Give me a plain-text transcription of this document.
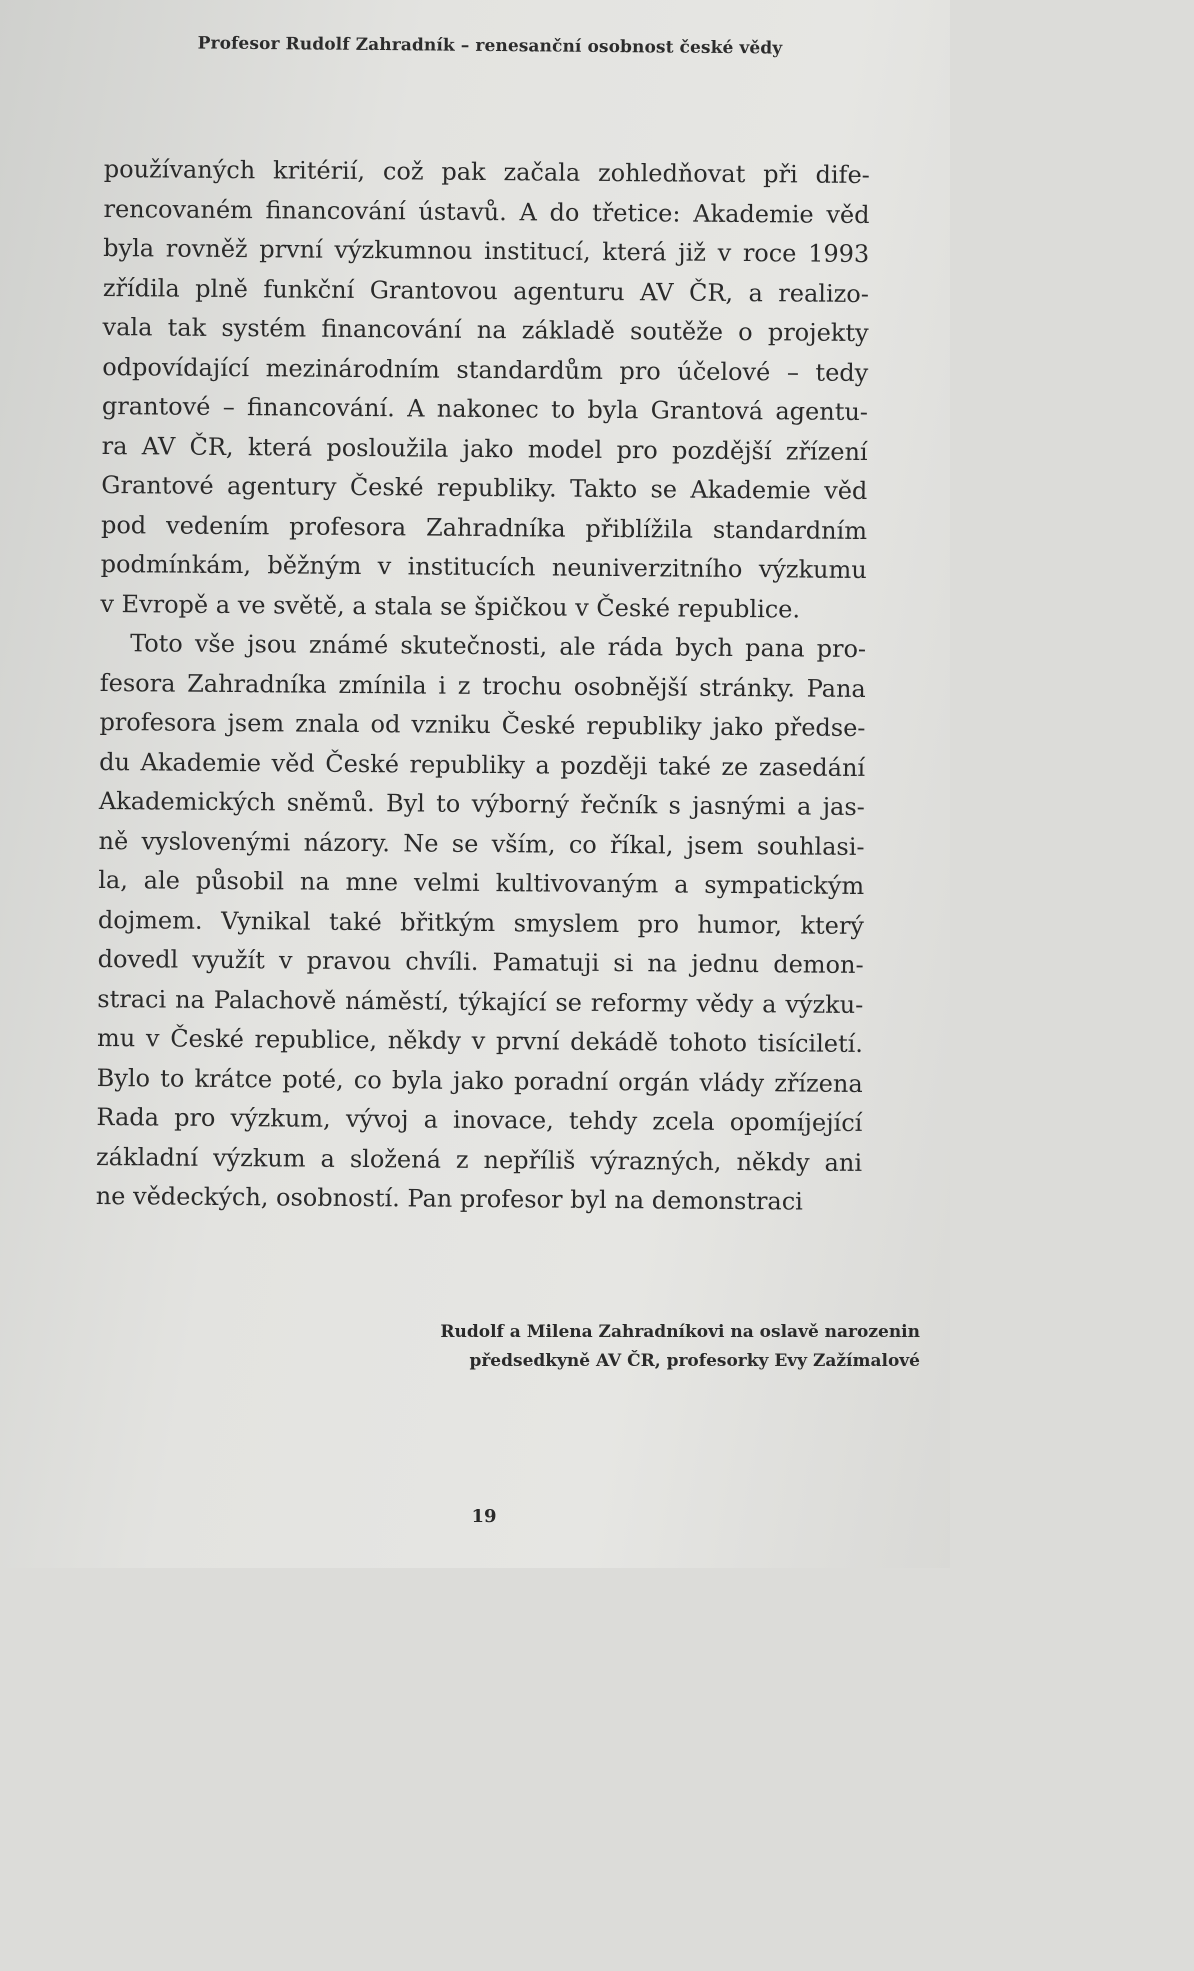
Profesor Rudolf Zahradník – renesanční osobnost české vědy
používaných kritérií, což pak začala zohledňovat při dife-
rencovaném financování ústavů. A do třetice: Akademie věd
byla rovněž první výzkumnou institucí, která již v roce 1993
zřídila plně funkční Grantovou agenturu AV ČR, a realizo-
vala tak systém financování na základě soutěže o projekty
odpovídající mezinárodním standardům pro účelové – tedy
grantové – financování. A nakonec to byla Grantová agentu-
ra AV ČR, která posloužila jako model pro pozdější zřízení
Grantové agentury České republiky. Takto se Akademie věd
pod vedením profesora Zahradníka přiblížila standardním
podmínkám, běžným v institucích neuniverzitního výzkumu
v Evropě a ve světě, a stala se špičkou v České republice.
Toto vše jsou známé skutečnosti, ale ráda bych pana pro-
fesora Zahradníka zmínila i z trochu osobnější stránky. Pana
profesora jsem znala od vzniku České republiky jako předse-
du Akademie věd České republiky a později také ze zasedání
Akademických sněmů. Byl to výborný řečník s jasnými a jas-
ně vyslovenými názory. Ne se vším, co říkal, jsem souhlasi-
la, ale působil na mne velmi kultivovaným a sympatickým
dojmem. Vynikal také břitkým smyslem pro humor, který
dovedl využít v pravou chvíli. Pamatuji si na jednu demon-
straci na Palachově náměstí, týkající se reformy vědy a výzku-
mu v České republice, někdy v první dekádě tohoto tisíciletí.
Bylo to krátce poté, co byla jako poradní orgán vlády zřízena
Rada pro výzkum, vývoj a inovace, tehdy zcela opomíjející
základní výzkum a složená z nepříliš výrazných, někdy ani
ne vědeckých, osobností. Pan profesor byl na demonstraci
Rudolf a Milena Zahradníkovi na oslavě narozenin
předsedkyně AV ČR, profesorky Evy Zažímalové
19
